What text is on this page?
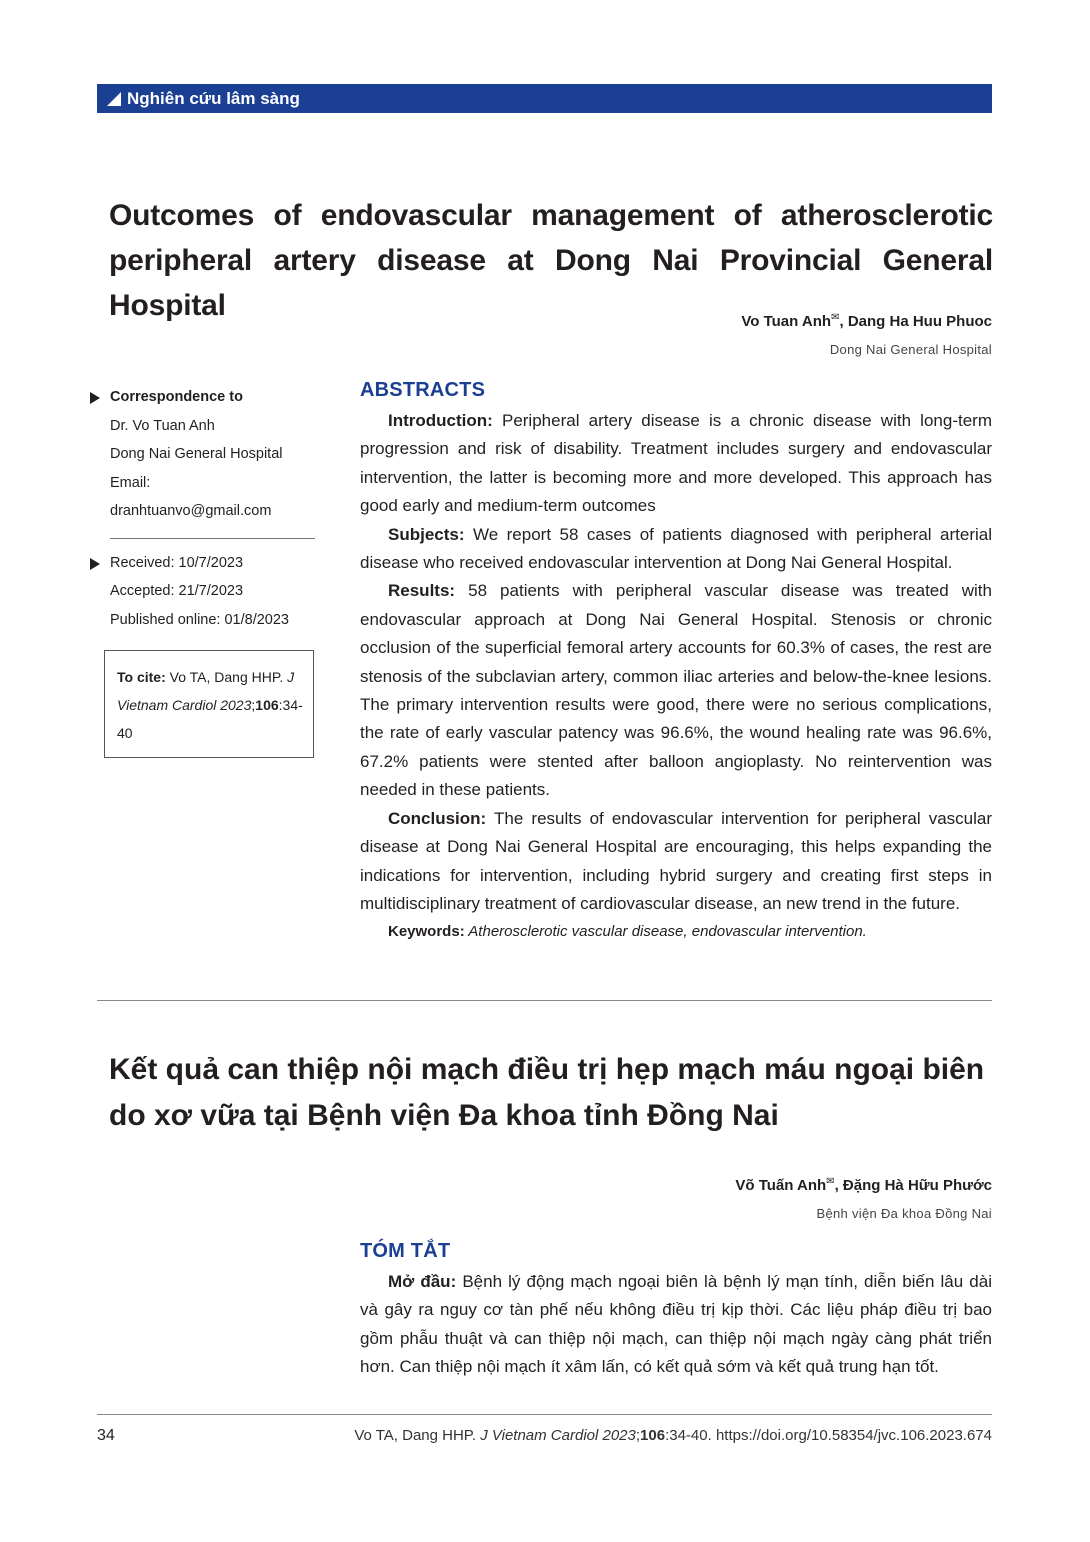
Nghiên cứu lâm sàng
Outcomes of endovascular management of atherosclerotic peripheral artery disease at Dong Nai Provincial General Hospital	Vo Tuan Anh✉, Dang Ha Huu Phuoc
Dong Nai General Hospital
Correspondence to
Dr. Vo Tuan Anh
Dong Nai General Hospital
Email: dranhtuanvo@gmail.com
Received: 10/7/2023
Accepted: 21/7/2023
Published online: 01/8/2023
To cite: Vo TA, Dang HHP. J Vietnam Cardiol 2023;106:34-40
ABSTRACTS

Introduction: Peripheral artery disease is a chronic disease with long-term progression and risk of disability. Treatment includes surgery and endovascular intervention, the latter is becoming more and more developed. This approach has good early and medium-term outcomes

Subjects: We report 58 cases of patients diagnosed with peripheral arterial disease who received endovascular intervention at Dong Nai General Hospital.

Results: 58 patients with peripheral vascular disease was treated with endovascular approach at Dong Nai General Hospital. Stenosis or chronic occlusion of the superficial femoral artery accounts for 60.3% of cases, the rest are stenosis of the subclavian artery, common iliac arteries and below-the-knee lesions. The primary intervention results were good, there were no serious complications, the rate of early vascular patency was 96.6%, the wound healing rate was 96.6%, 67.2% patients were stented after balloon angioplasty. No reintervention was needed in these patients.

Conclusion: The results of endovascular intervention for peripheral vascular disease at Dong Nai General Hospital are encouraging, this helps expanding the indications for intervention, including hybrid surgery and creating first steps in multidisciplinary treatment of cardiovascular disease, an new trend in the future.

Keywords: Atherosclerotic vascular disease, endovascular intervention.

Kết quả can thiệp nội mạch điều trị hẹp mạch máu ngoại biên do xơ vữa tại Bệnh viện Đa khoa tỉnh Đồng Nai
Võ Tuấn Anh✉, Đặng Hà Hữu Phước
Bệnh viện Đa khoa Đồng Nai
TÓM TẮT

Mở đầu: Bệnh lý động mạch ngoại biên là bệnh lý mạn tính, diễn biến lâu dài và gây ra nguy cơ tàn phế nếu không điều trị kịp thời. Các liệu pháp điều trị bao gồm phẫu thuật và can thiệp nội mạch, can thiệp nội mạch ngày càng phát triển hơn. Can thiệp nội mạch ít xâm lấn, có kết quả sớm và kết quả trung hạn tốt.

34	Vo TA, Dang HHP. J Vietnam Cardiol 2023;106:34-40. https://doi.org/10.58354/jvc.106.2023.674
